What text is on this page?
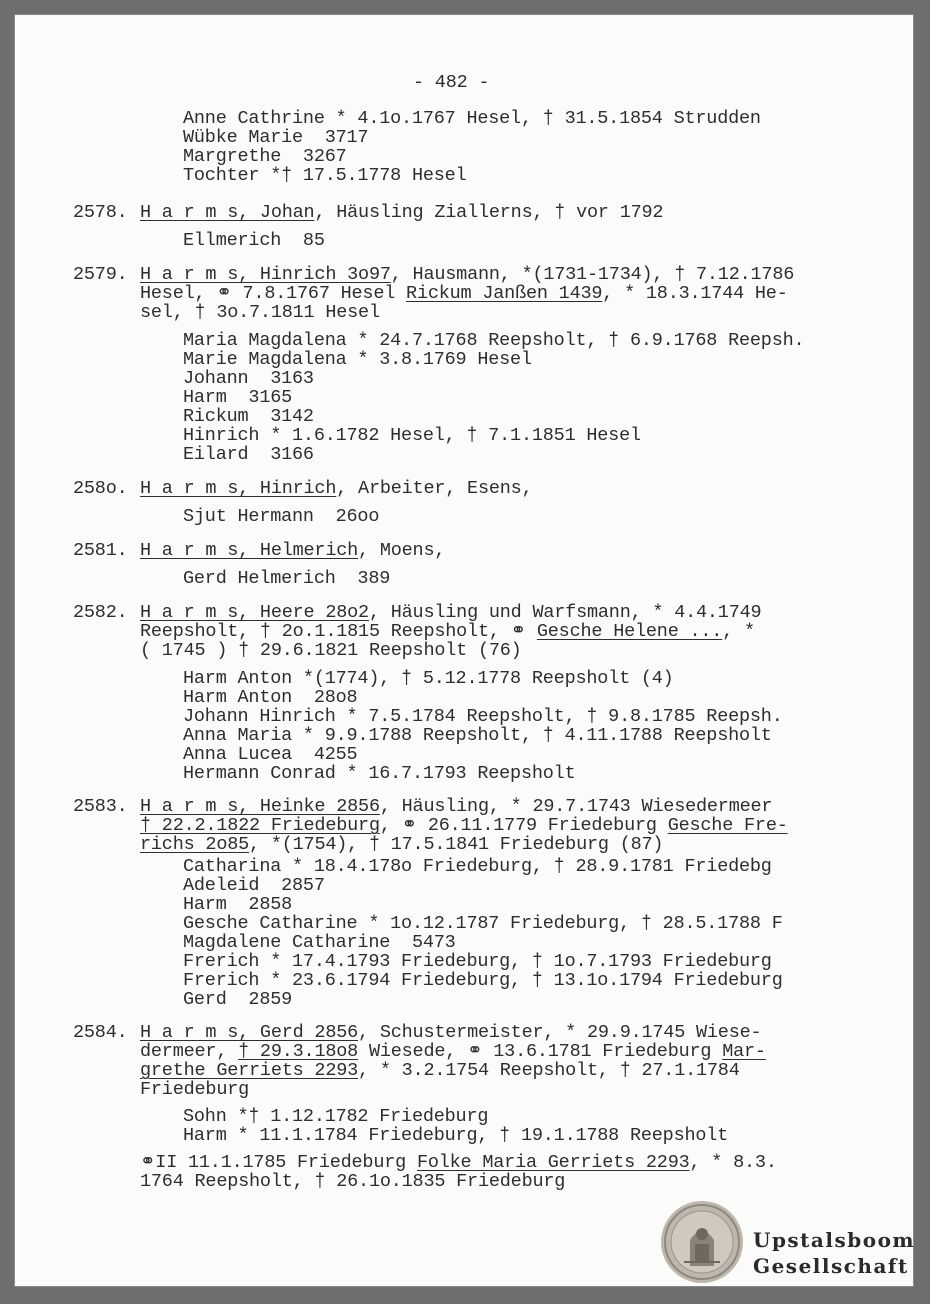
- 482 -
Anne Cathrine * 4.1o.1767 Hesel, † 31.5.1854 Strudden
Wübke Marie  3717
Margrethe  3267
Tochter *† 17.5.1778 Hesel
2578. H a r m s, Johan, Häusling Ziallerns, † vor 1792
Ellmerich  85
2579. H a r m s, Hinrich 3o97, Hausmann, *(1731-1734), † 7.12.1786
Hesel, ⚭ 7.8.1767 Hesel Rickum Janßen 1439, * 18.3.1744 He-
sel, † 3o.7.1811 Hesel
Maria Magdalena * 24.7.1768 Reepsholt, † 6.9.1768 Reepsh.
Marie Magdalena * 3.8.1769 Hesel
Johann  3163
Harm  3165
Rickum  3142
Hinrich * 1.6.1782 Hesel, † 7.1.1851 Hesel
Eilard  3166
258o. H a r m s, Hinrich, Arbeiter, Esens,
Sjut Hermann  26oo
2581. H a r m s, Helmerich, Moens,
Gerd Helmerich  389
2582. H a r m s, Heere 28o2, Häusling und Warfsmann, * 4.4.1749
Reepsholt, † 2o.1.1815 Reepsholt, ⚭ Gesche Helene ..., *
( 1745 ) † 29.6.1821 Reepsholt (76)
Harm Anton *(1774), † 5.12.1778 Reepsholt (4)
Harm Anton  28o8
Johann Hinrich * 7.5.1784 Reepsholt, † 9.8.1785 Reepsh.
Anna Maria * 9.9.1788 Reepsholt, † 4.11.1788 Reepsholt
Anna Lucea  4255
Hermann Conrad * 16.7.1793 Reepsholt
2583. H a r m s, Heinke 2856, Häusling, * 29.7.1743 Wiesedermeer
† 22.2.1822 Friedeburg, ⚭ 26.11.1779 Friedeburg Gesche Fre-
richs 2o85, *(1754), † 17.5.1841 Friedeburg (87)
Catharina * 18.4.178o Friedeburg, † 28.9.1781 Friedebg
Adeleid  2857
Harm  2858
Gesche Catharine * 1o.12.1787 Friedeburg, † 28.5.1788 F
Magdalene Catharine  5473
Frerich * 17.4.1793 Friedeburg, † 1o.7.1793 Friedeburg
Frerich * 23.6.1794 Friedeburg, † 13.1o.1794 Friedeburg
Gerd  2859
2584. H a r m s, Gerd 2856, Schustermeister, * 29.9.1745 Wiese-
dermeer, † 29.3.18o8 Wiesede, ⚭ 13.6.1781 Friedeburg Mar-
grethe Gerriets 2293, * 3.2.1754 Reepsholt, † 27.1.1784
Friedeburg
Sohn *† 1.12.1782 Friedeburg
Harm * 11.1.1784 Friedeburg, † 19.1.1788 Reepsholt
⚭II 11.1.1785 Friedeburg Folke Maria Gerriets 2293, * 8.3.
1764 Reepsholt, † 26.1o.1835 Friedeburg
Upstalsboom
Gesellschaft
